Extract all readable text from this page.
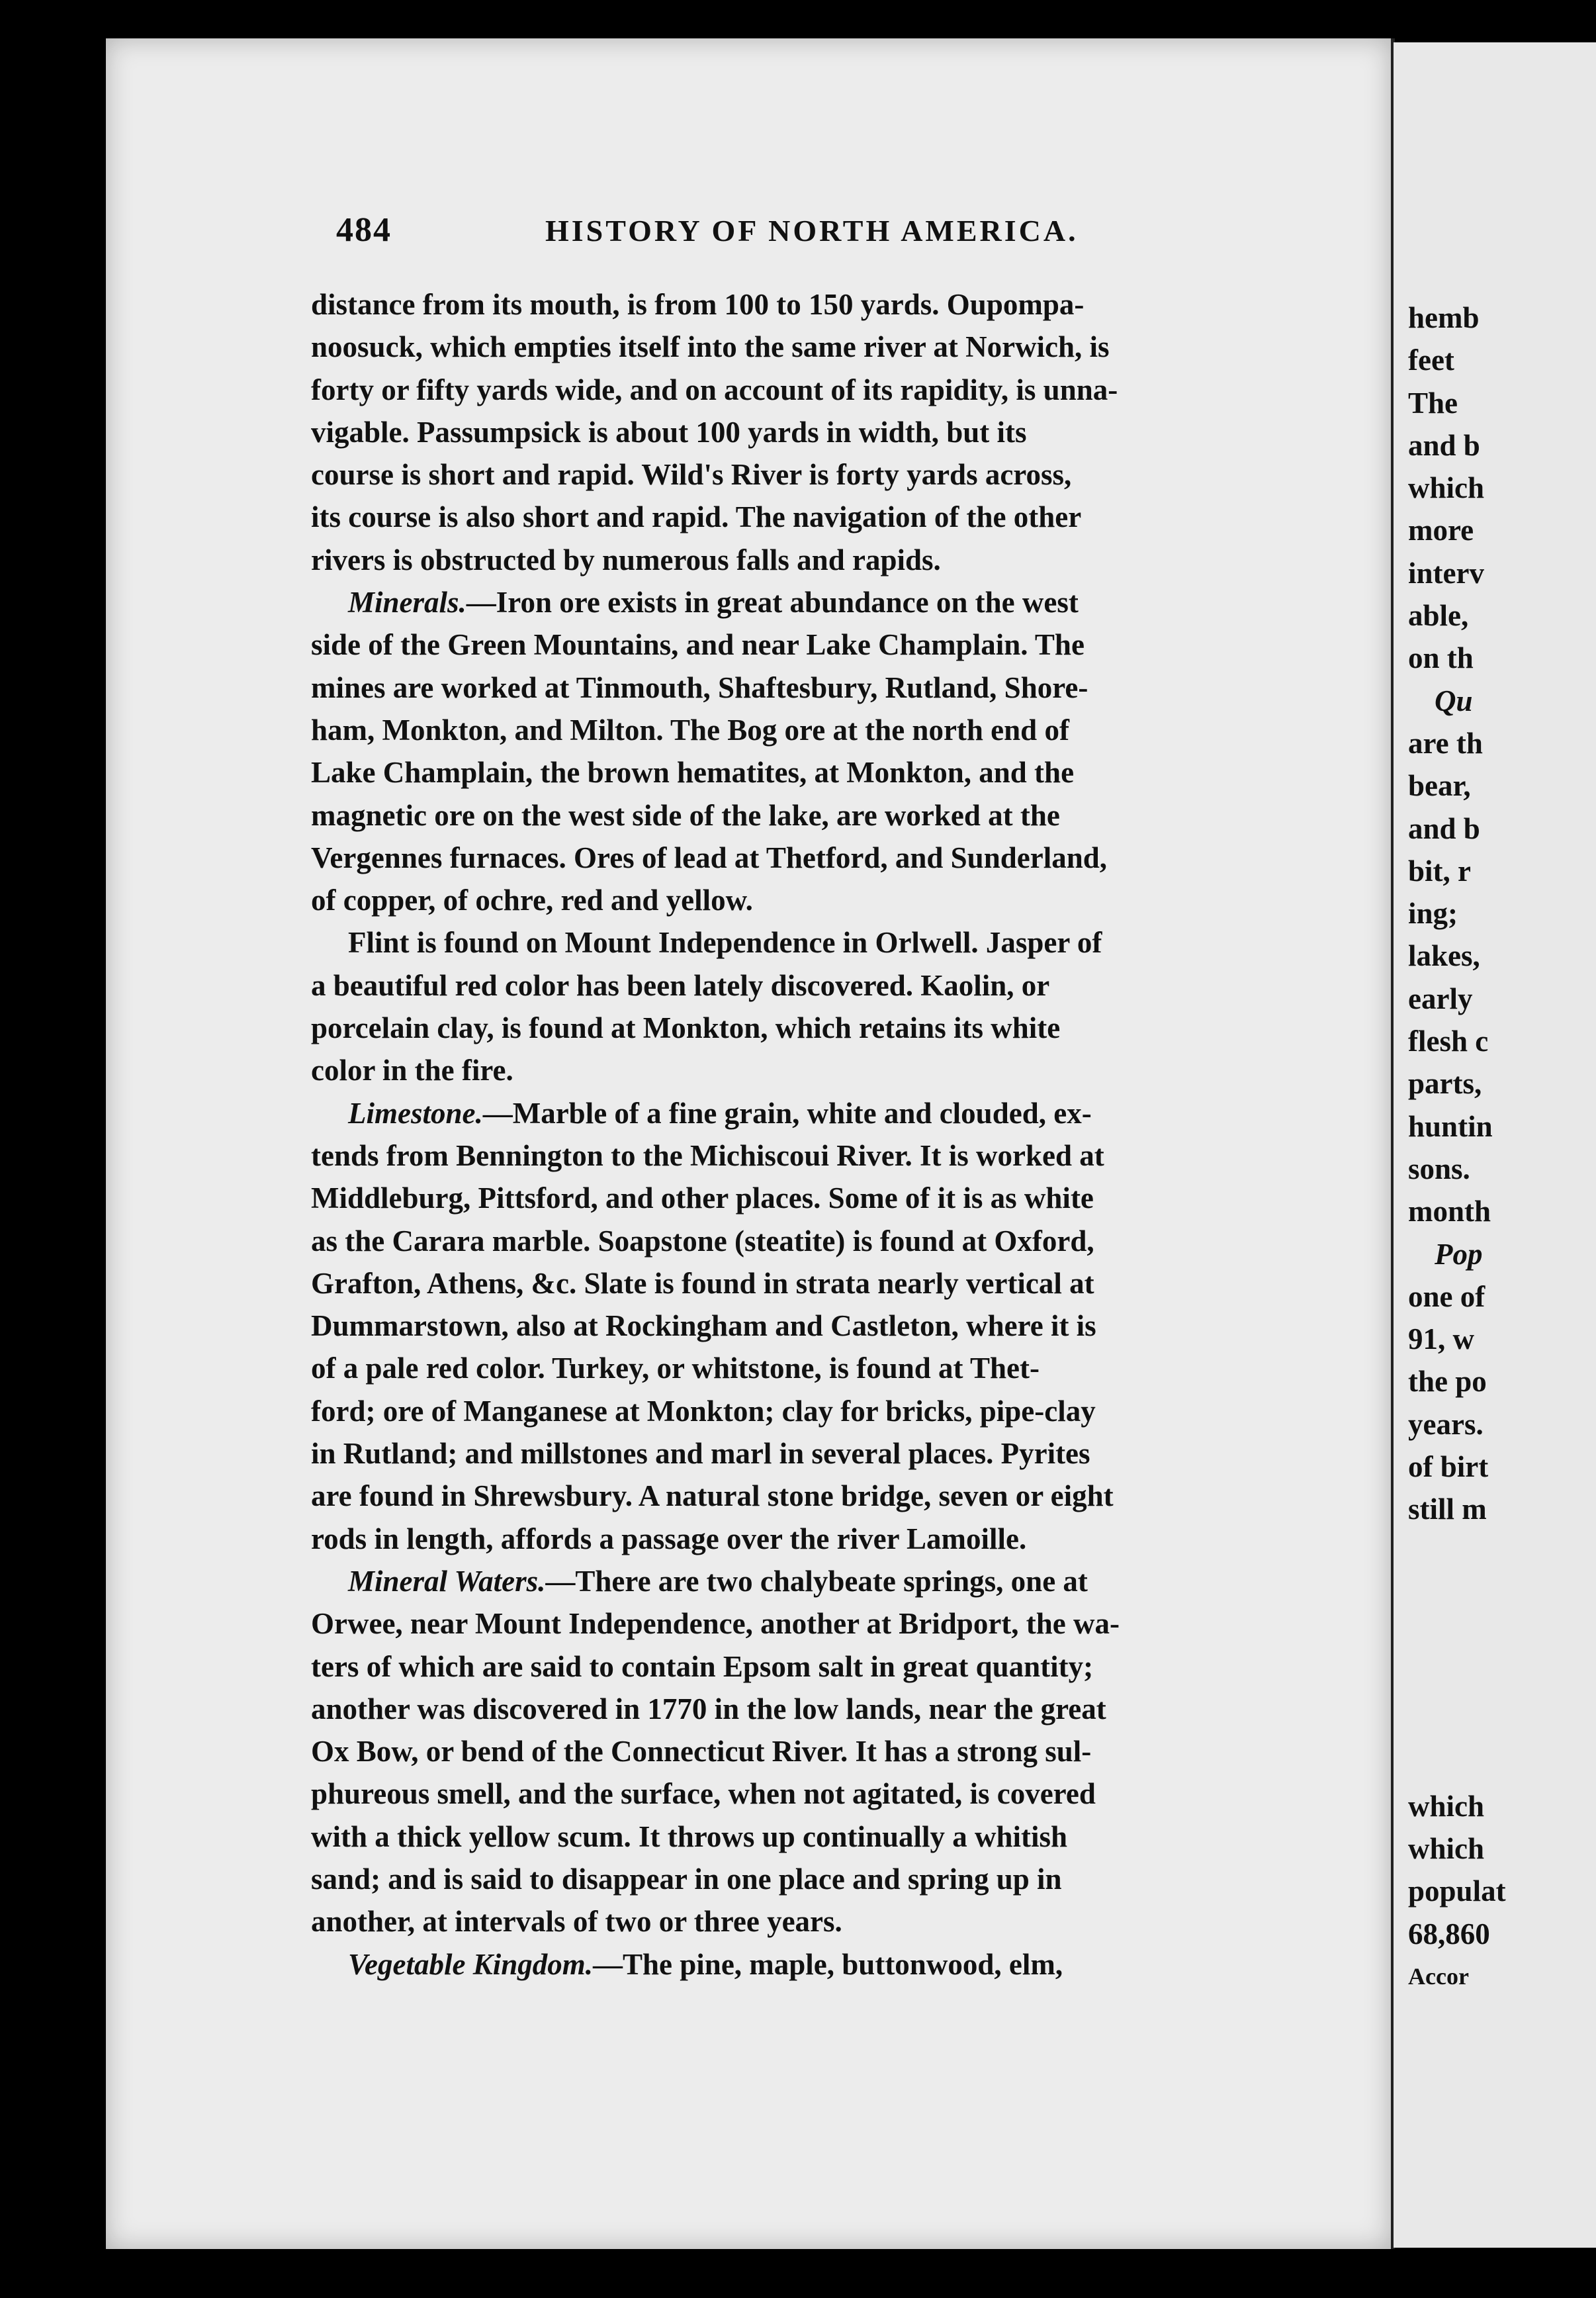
484	HISTORY OF NORTH AMERICA.
distance from its mouth, is from 100 to 150 yards. Oupompa-
noosuck, which empties itself into the same river at Norwich, is
forty or fifty yards wide, and on account of its rapidity, is unna-
vigable. Passumpsick is about 100 yards in width, but its
course is short and rapid. Wild's River is forty yards across,
its course is also short and rapid. The navigation of the other
rivers is obstructed by numerous falls and rapids.
Minerals.—Iron ore exists in great abundance on the west
side of the Green Mountains, and near Lake Champlain. The
mines are worked at Tinmouth, Shaftesbury, Rutland, Shore-
ham, Monkton, and Milton. The Bog ore at the north end of
Lake Champlain, the brown hematites, at Monkton, and the
magnetic ore on the west side of the lake, are worked at the
Vergennes furnaces. Ores of lead at Thetford, and Sunderland,
of copper, of ochre, red and yellow.
Flint is found on Mount Independence in Orlwell. Jasper of
a beautiful red color has been lately discovered. Kaolin, or
porcelain clay, is found at Monkton, which retains its white
color in the fire.
Limestone.—Marble of a fine grain, white and clouded, ex-
tends from Bennington to the Michiscoui River. It is worked at
Middleburg, Pittsford, and other places. Some of it is as white
as the Carara marble. Soapstone (steatite) is found at Oxford,
Grafton, Athens, &c. Slate is found in strata nearly vertical at
Dummarstown, also at Rockingham and Castleton, where it is
of a pale red color. Turkey, or whitstone, is found at Thet-
ford; ore of Manganese at Monkton; clay for bricks, pipe-clay
in Rutland; and millstones and marl in several places. Pyrites
are found in Shrewsbury. A natural stone bridge, seven or eight
rods in length, affords a passage over the river Lamoille.
Mineral Waters.—There are two chalybeate springs, one at
Orwee, near Mount Independence, another at Bridport, the wa-
ters of which are said to contain Epsom salt in great quantity;
another was discovered in 1770 in the low lands, near the great
Ox Bow, or bend of the Connecticut River. It has a strong sul-
phureous smell, and the surface, when not agitated, is covered
with a thick yellow scum. It throws up continually a whitish
sand; and is said to disappear in one place and spring up in
another, at intervals of two or three years.
Vegetable Kingdom.—The pine, maple, buttonwood, elm,
hemb
feet
The
and b
which
more
interv
able,
on th
Qu
are th
bear,
and b
bit, r
ing;
lakes,
early
flesh c
parts,
huntin
sons.
month
Pop
one of
91, w
the po
years.
of birt
still m
which
which
populat
68,860
Accor
